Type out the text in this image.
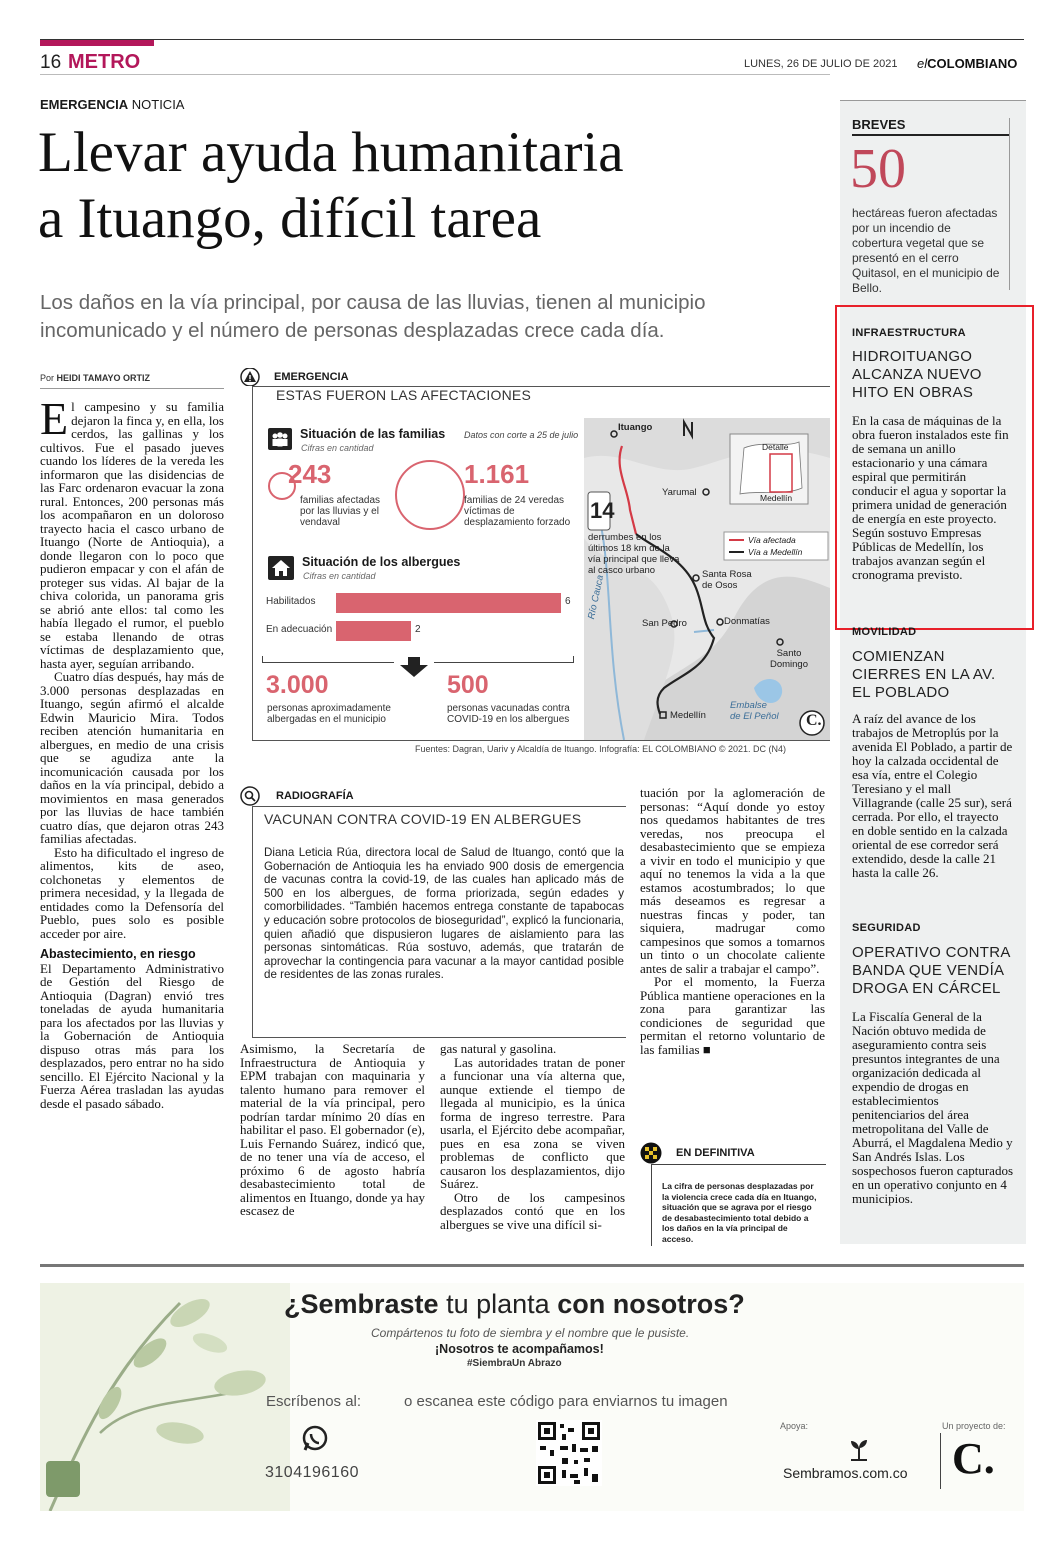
16 METRO	LUNES, 26 DE JULIO DE 2021 elCOLOMBIANO
EMERGENCIA NOTICIA
Llevar ayuda humanitaria
a Ituango, difícil tarea
Los daños en la vía principal, por causa de las lluvias, tienen al municipio
incomunicado y el número de personas desplazadas crece cada día.
Por HEIDI TAMAYO ORTIZ
E l campesino y su familia dejaron la finca y, en ella, los cerdos, las gallinas y los cultivos. Fue el pasado jueves cuando los líderes de la vereda les informaron que las disidencias de las Farc ordenaron evacuar la zona rural. Entonces, 200 personas más los acompañaron en un doloroso trayecto hacia el casco urbano de Ituango (Norte de Antioquia), a donde llegaron con lo poco que pudieron empacar y con el afán de proteger sus vidas. Al bajar de la chiva colorida, un panorama gris se abrió ante ellos: tal como les había llegado el rumor, el pueblo se estaba llenando de otras víctimas de desplazamiento que, hasta ayer, seguían arribando.

Cuatro días después, hay más de 3.000 personas desplazadas en Ituango, según afirmó el alcalde Edwin Mauricio Mira. Todos reciben atención humanitaria en albergues, en medio de una crisis que se agudiza ante la incomunicación causada por los daños en la vía principal, debido a movimientos en masa generados por las lluvias de hace también cuatro días, que dejaron otras 243 familias afectadas.

Esto ha dificultado el ingreso de alimentos, kits de aseo, colchonetas y elementos de primera necesidad, y la llegada de entidades como la Defensoría del Pueblo, pues solo es posible acceder por aire.

Abastecimiento, en riesgo

El Departamento Administrativo de Gestión del Riesgo de Antioquia (Dagran) envió tres toneladas de ayuda humanitaria para los afectados por las lluvias y la Gobernación de Antioquia dispuso otras más para los desplazados, pero entrar no ha sido sencillo. El Ejército Nacional y la Fuerza Aérea trasladan las ayudas desde el pasado sábado.

EMERGENCIA
ESTAS FUERON LAS AFECTACIONES
Situación de las familias
Cifras en cantidad
Datos con corte a 25 de julio
243
familias afectadas por las lluvias y el vendaval
1.161
familias de 24 veredas víctimas de desplazamiento forzado
Situación de los albergues
Cifras en cantidad
Habilitados	6
En adecuación	2
3.000
personas aproximadamente albergadas en el municipio
500
personas vacunadas contra COVID-19 en los albergues
Ituango
Yarumal
Santa Rosa de Osos
Donmatías
San Pedro
Santo Domingo
Medellín
Embalse de El Peñol
Río Cauca
14
derrumbes en los últimos 18 km de la vía principal que lleva al casco urbano
Vía afectada
Vía a Medellín
Detalle
Medellín
C.
Fuentes: Dagran, Uariv y Alcaldía de Ituango. Infografía: EL COLOMBIANO © 2021. DC (N4)
RADIOGRAFÍA
VACUNAN CONTRA COVID-19 EN ALBERGUES
Diana Leticia Rúa, directora local de Salud de Ituango, contó que la Gobernación de Antioquia les ha enviado 900 dosis de emergencia de vacunas contra la covid-19, de las cuales han aplicado más de 500 en los albergues, de forma priorizada, según edades y comorbilidades. “También hacemos entrega constante de tapabocas y educación sobre protocolos de bioseguridad”, explicó la funcionaria, quien añadió que dispusieron lugares de aislamiento para las personas sintomáticas. Rúa sostuvo, además, que tratarán de aprovechar la contingencia para vacunar a la mayor cantidad posible de residentes de las zonas rurales.

Asimismo, la Secretaría de Infraestructura de Antioquia y EPM trabajan con maquinaria y talento humano para remover el material de la vía principal, pero podrían tardar mínimo 20 días en habilitar el paso. El gobernador (e), Luis Fernando Suárez, indicó que, de no tener una vía de acceso, el próximo 6 de agosto habría desabastecimiento total de alimentos en Ituango, donde ya hay escasez de

gas natural y gasolina.

Las autoridades tratan de poner a funcionar una vía alterna que, aunque extiende el tiempo de llegada al municipio, es la única forma de ingreso terrestre. Para usarla, el Ejército debe acompañar, pues en esa zona se viven problemas de conflicto que causaron los desplazamientos, dijo Suárez.

Otro de los campesinos desplazados contó que en los albergues se vive una difícil si-

tuación por la aglomeración de personas: “Aquí donde yo estoy nos quedamos habitantes de tres veredas, nos preocupa el desabastecimiento que se empieza a vivir en todo el municipio y que aquí no tenemos la vida a la que estamos acostumbrados; lo que más deseamos es regresar a nuestras fincas y poder, tan siquiera, madrugar como campesinos que somos a tomarnos un tinto o un chocolate caliente antes de salir a trabajar el campo”.

Por el momento, la Fuerza Pública mantiene operaciones en la zona para garantizar las condiciones de seguridad que permitan el retorno voluntario de las familias ■

EN DEFINITIVA
La cifra de personas desplazadas por la violencia crece cada día en Ituango, situación que se agrava por el riesgo de desabastecimiento total debido a los daños en la vía principal de acceso.
BREVES
50
hectáreas fueron afectadas por un incendio de cobertura vegetal que se presentó en el cerro Quitasol, en el municipio de Bello.
INFRAESTRUCTURA
HIDROITUANGO ALCANZA NUEVO HITO EN OBRAS
En la casa de máquinas de la obra fueron instalados este fin de semana un anillo estacionario y una cámara espiral que permitirán conducir el agua y soportar la primera unidad de generación de energía en este proyecto. Según sostuvo Empresas Públicas de Medellín, los trabajos avanzan según el cronograma previsto.
MOVILIDAD
COMIENZAN CIERRES EN LA AV. EL POBLADO
A raíz del avance de los trabajos de Metroplús por la avenida El Poblado, a partir de hoy la calzada occidental de esa vía, entre el Colegio Teresiano y el mall Villagrande (calle 25 sur), será cerrada. Por ello, el trayecto en doble sentido en la calzada oriental de ese corredor será extendido, desde la calle 21 hasta la calle 26.
SEGURIDAD
OPERATIVO CONTRA BANDA QUE VENDÍA DROGA EN CÁRCEL
La Fiscalía General de la Nación obtuvo medida de aseguramiento contra seis presuntos integrantes de una organización dedicada al expendio de drogas en establecimientos penitenciarios del área metropolitana del Valle de Aburrá, el Magdalena Medio y San Andrés Islas. Los sospechosos fueron capturados en un operativo conjunto en 4 municipios.
¿Sembraste tu planta con nosotros?
Compártenos tu foto de siembra y el nombre que le pusiste.
¡Nosotros te acompañamos!
#SiembraUn Abrazo
Escríbenos al:
3104196160
o escanea este código para enviarnos tu imagen
Apoya:
Sembramos.com.co
Un proyecto de:
C.
